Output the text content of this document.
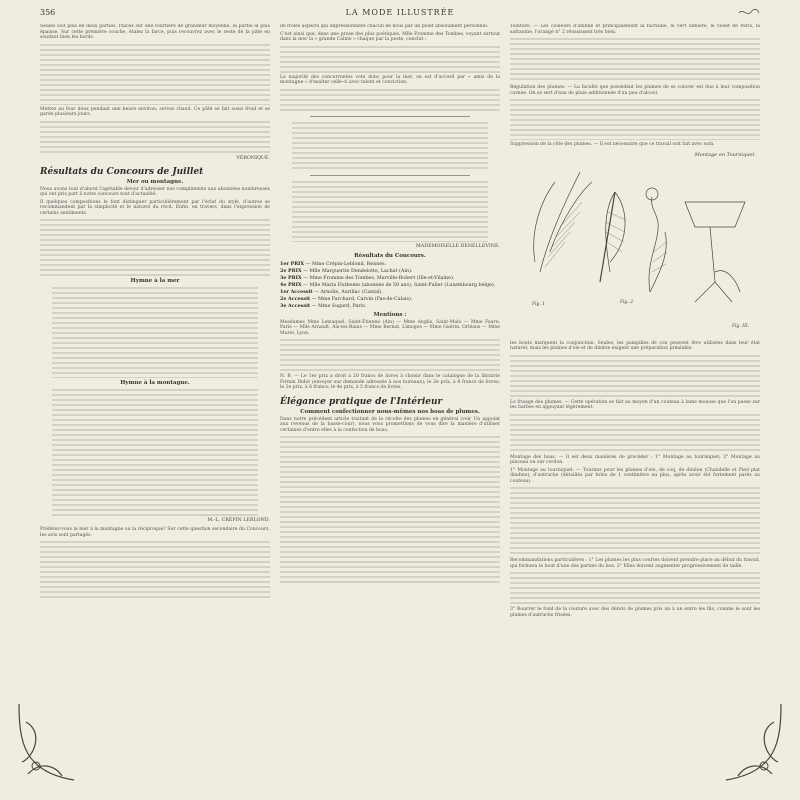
356	LA MODE ILLUSTRÉE

Seules soit plus en deux parties. Placez sur une tourtière de grandeur moyenne, la partie la plus épaisse. Sur cette première couche, étalez la farce, puis recouvrez avec le reste de la pâte en soudant bien les bords.

Mettez au four doux pendant une heure environ; servez chaud. Ce pâté se fait aussi froid et se garde plusieurs jours.

VÉRONIQUE.
Résultats du Concours de Juillet
Mer ou montagne.

Nous avons tout d'abord l'agréable devoir d'adresser nos compliments aux abonnées nombreuses qui ont pris part à notre concours tout d'actualité.

Il quelques compositions le font distinguer particulièrement par l'éclat du style, d'autres se recommandent par la simplicité et le naturel du récit. Enfin, en travers, dans l'expression de certains sentiments.

Hymne à la mer
Hymne à la montagne.
M.-L. CRÉPIN LEBLOND.

Préférez-vous la mer à la montagne ou la réciproque? Sur cette question secondaire du Concours, les avis sont partagés.

de frôles aspects qui impressionnent chacun de nous par un point absolument personnel.

C'est ainsi que, dans une prose des plus poétiques, Mlle Fromme des Tombes, voyant surtout dans la mer la « grande Calme » chaque par la poste, conclut :

La majorité des concurrentes vote donc pour la mer, on est d'accord par « amis de la montagne » d'exalter celle-ci avec talent et conviction.

MADEMOISELLE DENELLEVINE.
Résultats du Concours.
1er PRIX — Mme Crépin-Leblond, Rennes.
2e PRIX — Mlle Marguerite Dendelotte, Lachat (Ain).
3e PRIX — Mme Fromme des Tombes, Marville-Robert (Ille-et-Vilaine).
4e PRIX — Mlle Maria Dutheme (abonnée de 50 ans), Saint-Pulier (Luxembourg belge).
1er Accessit — Arnolle, Aurillac (Cantal).
2e Accessit — Mme Farchard, Carvin (Pas-de-Calais).
3e Accessit — Mme Sugard, Paris.
Mentions :

Mesdames Mme Lemaquel, Saint-Étienne (Ain) — Mme Anglis, Saint-Malo — Mme Faure, Paris — Mlle Arnault, Aix-les-Bains — Mme Bernat, Limoges — Mme Guérin, Orléans — Mme Marie, Lyon.

N. B. — Le 1er prix a droit à 20 francs de livres à choisir dans le catalogue de la librairie Firmin Didot (envoyer sur demande adressée à nos bureaux); le 2e prix, à 8 francs de livres; le 3e prix, à 6 francs; le 4e prix, à 5 francs de livres.

Élégance pratique de l'Intérieur
Comment confectionner nous-mêmes nos boas de plumes.

Dans notre précédent article traitant de la récolte des plumes en général (voir Un appoint aux revenus de la basse-cour), nous vous promettions de vous dire la manière d'utiliser certaines d'entre elles à la confection de boas.

Teinture. — Les couleurs d'aniline et principalement la fuchsine, le vert lumière, le violet de Paris, la safranine, l'orangé n° 2 réussissent très bien.

Régulation des plumes. — La faculté que possèdent les plumes de se colorer est due à leur composition cornée. On se sert d'eau de pluie additionnée d'un peu d'alcool.

Suppression de la côte des plumes. — Il est nécessaire que ce travail soit fait avec soin.

Montage en Tourniquet.
Fig. 1	Fig. 2
Fig. III.

les bouts marquent la conjonction. Seules, les pampilles de cou peuvent être utilisées dans leur état naturel; mais les plumes d'oie et de dindon exigent une préparation préalable.

Le frisage des plumes. — Cette opération se fait au moyen d'un couteau à lame mousse que l'on passe sur les barbes en appuyant légèrement.

Montage des boas. — Il est deux manières de procéder : 1° Montage au tourniquet; 2° Montage au pinceau ou sur cordon.

1° Montage au tourniquet. — Tournez pour les plumes d'oie, de coq, de dindon (Chandelle et Pied plat dindine), d'autruche (détaillés par brins de 1 centimètre au plus, après avoir été fortement parés au couteau).

Recommandations particulières : 1° Les plumes les plus courtes doivent prendre place au début du travail, qui formera le bout d'une des parties du boa. 2° Elles doivent augmenter progressivement de taille.

3° Bourrer le fond de la couture avec des débris de plumes pris un à un entre les fils, comme le sont les plumes d'autruche frisées.
